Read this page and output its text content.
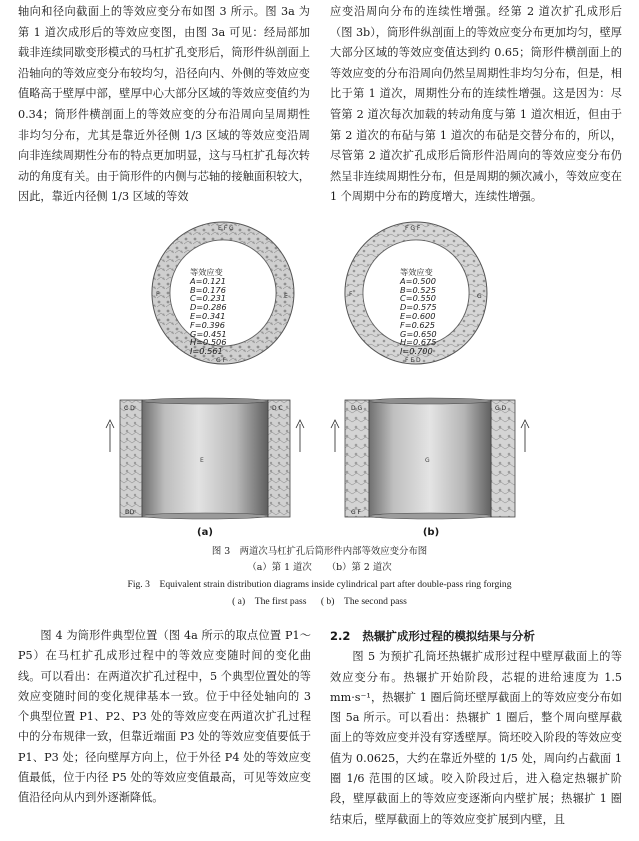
轴向和径向截面上的等效应变分布如图 3 所示。图 3a 为第 1 道次成形后的等效应变图，由图 3a 可见：经局部加载非连续同歇变形模式的马杠扩孔变形后，筒形件纵剖面上沿轴向的等效应变分布较均匀，沿径向内、外侧的等效应变值略高于壁厚中部，壁厚中心大部分区域的等效应变值约为 0.34；筒形件横剖面上的等效应变的分布沿周向呈周期性非均匀分布，尤其是靠近外径侧 1/3 区域的等效应变沿周向非连续周期性分布的特点更加明显，这与马杠扩孔每次转动的角度有关。由于筒形件的内侧与芯轴的接触面积较大，因此，靠近内径侧 1/3 区域的等效

应变沿周向分布的连续性增强。经第 2 道次扩孔成形后（图 3b），筒形件纵剖面上的等效应变分布更加均匀，壁厚大部分区域的等效应变值达到约 0.65；筒形件横剖面上的等效应变的分布沿周向仍然呈周期性非均匀分布，但是，相比于第 1 道次，周期性分布的连续性增强。这是因为：尽管第 2 道次每次加载的转动角度与第 1 道次相近，但由于第 2 道次的布砧与第 1 道次的布砧是交替分布的，所以，尽管第 2 道次扩孔成形后筒形件沿周向的等效应变分布仍然呈非连续周期性分布，但是周期的频次减小，等效应变在 1 个周期中分布的跨度增大，连续性增强。

E F G
F	E
G F
等效应变
A=0.121
B=0.176
C=0.231
D=0.286
E=0.341
F=0.396
G=0.451
H=0.506
I=0.561
F G F
F	G
F E D
等效应变
A=0.500
B=0.525
C=0.550
D=0.575
E=0.600
F=0.625
G=0.650
H=0.675
I=0.700
C D	D C
DD
E
(a)
D G	G D
G F
G
(b)
图 3　两道次马杠扩孔后筒形件内部等效应变分布图
（a）第 1 道次 （b）第 2 道次
Fig. 3　Equivalent strain distribution diagrams inside cylindrical part after double-pass ring forging
( a)　The first pass ( b)　The second pass

图 4 为筒形件典型位置（图 4a 所示的取点位置 P1～P5）在马杠扩孔成形过程中的等效应变随时间的变化曲线。可以看出：在两道次扩孔过程中，5 个典型位置处的等效应变随时间的变化规律基本一致。位于中径处轴向的 3 个典型位置 P1、P2、P3 处的等效应变在两道次扩孔过程中的分布规律一致，但靠近端面 P3 处的等效应变值要低于 P1、P3 处；径向壁厚方向上，位于外径 P4 处的等效应变值最低，位于内径 P5 处的等效应变值最高，可见等效应变值沿径向从内到外逐渐降低。

2.2 热辗扩成形过程的模拟结果与分析

图 5 为预扩孔筒坯热辗扩成形过程中壁厚截面上的等效应变分布。热辗扩开始阶段，芯辊的进给速度为 1.5 mm·s⁻¹，热辗扩 1 圈后筒坯壁厚截面上的等效应变分布如图 5a 所示。可以看出：热辗扩 1 圈后，整个周向壁厚截面上的等效应变并没有穿透壁厚。筒坯咬入阶段的等效应变值为 0.0625，大约在靠近外壁的 1/5 处，周向约占截面 1 圈 1/6 范围的区域。咬入阶段过后，进入稳定热辗扩阶段，壁厚截面上的等效应变逐渐向内壁扩展；热辗扩 1 圈结束后，壁厚截面上的等效应变扩展到内壁，且
